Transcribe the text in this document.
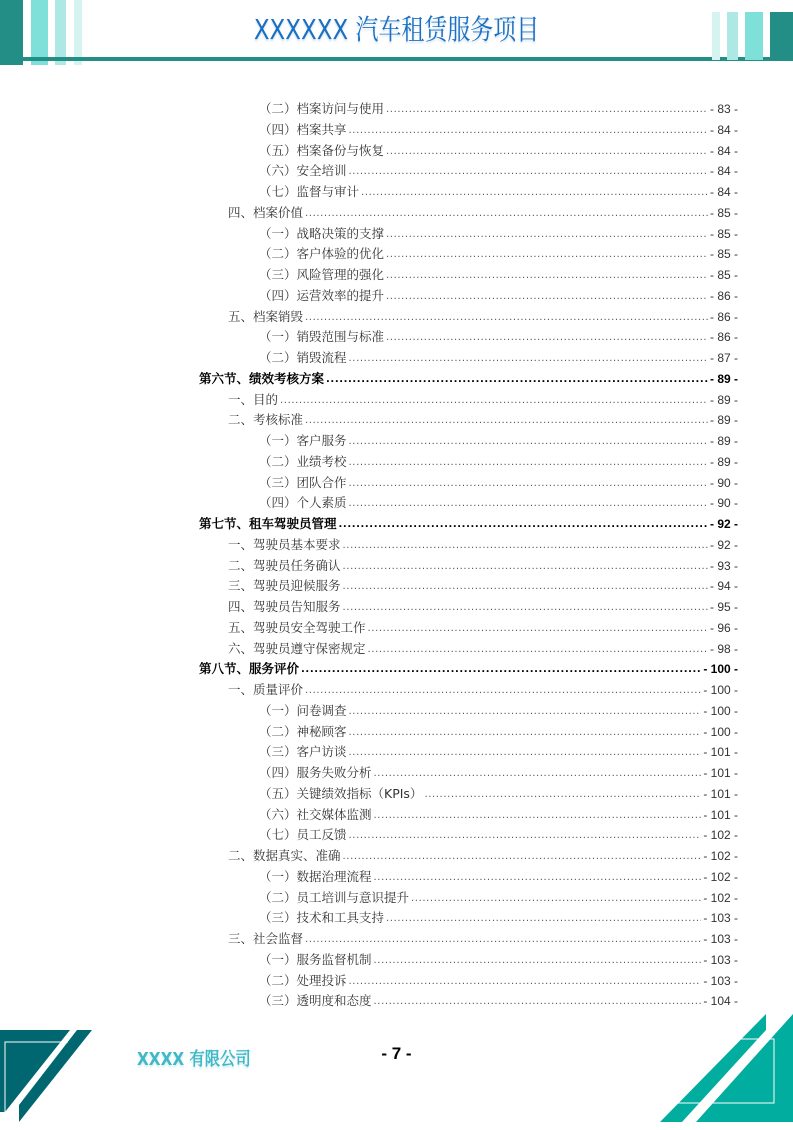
XXXXXX 汽车租赁服务项目
（二）档案访问与使用 .....	- 83 -
（四）档案共享 .....	- 84 -
（五）档案备份与恢复 .....	- 84 -
（六）安全培训 .....	- 84 -
（七）监督与审计 .....	- 84 -
四、档案价值 .....	- 85 -
（一）战略决策的支撑 .....	- 85 -
（二）客户体验的优化 .....	- 85 -
（三）风险管理的强化 .....	- 85 -
（四）运营效率的提升 .....	- 86 -
五、档案销毁 .....	- 86 -
（一）销毁范围与标准 .....	- 86 -
（二）销毁流程 .....	- 87 -
第六节、绩效考核方案 .....	- 89 -
一、目的 .....	- 89 -
二、考核标准 .....	- 89 -
（一）客户服务 .....	- 89 -
（二）业绩考校 .....	- 89 -
（三）团队合作 .....	- 90 -
（四）个人素质 .....	- 90 -
第七节、租车驾驶员管理 .....	- 92 -
一、驾驶员基本要求 .....	- 92 -
二、驾驶员任务确认 .....	- 93 -
三、驾驶员迎候服务 .....	- 94 -
四、驾驶员告知服务 .....	- 95 -
五、驾驶员安全驾驶工作 .....	- 96 -
六、驾驶员遵守保密规定 .....	- 98 -
第八节、服务评价 .....	- 100 -
一、质量评价 .....	- 100 -
（一）问卷调查 .....	- 100 -
（二）神秘顾客 .....	- 100 -
（三）客户访谈 .....	- 101 -
（四）服务失败分析 .....	- 101 -
（五）关键绩效指标（KPIs） .....	- 101 -
（六）社交媒体监测 .....	- 101 -
（七）员工反馈 .....	- 102 -
二、数据真实、准确 .....	- 102 -
（一）数据治理流程 .....	- 102 -
（二）员工培训与意识提升 .....	- 102 -
（三）技术和工具支持 .....	- 103 -
三、社会监督 .....	- 103 -
（一）服务监督机制 .....	- 103 -
（二）处理投诉 .....	- 103 -
（三）透明度和态度 .....	- 104 -
XXXX 有限公司	- 7 -
